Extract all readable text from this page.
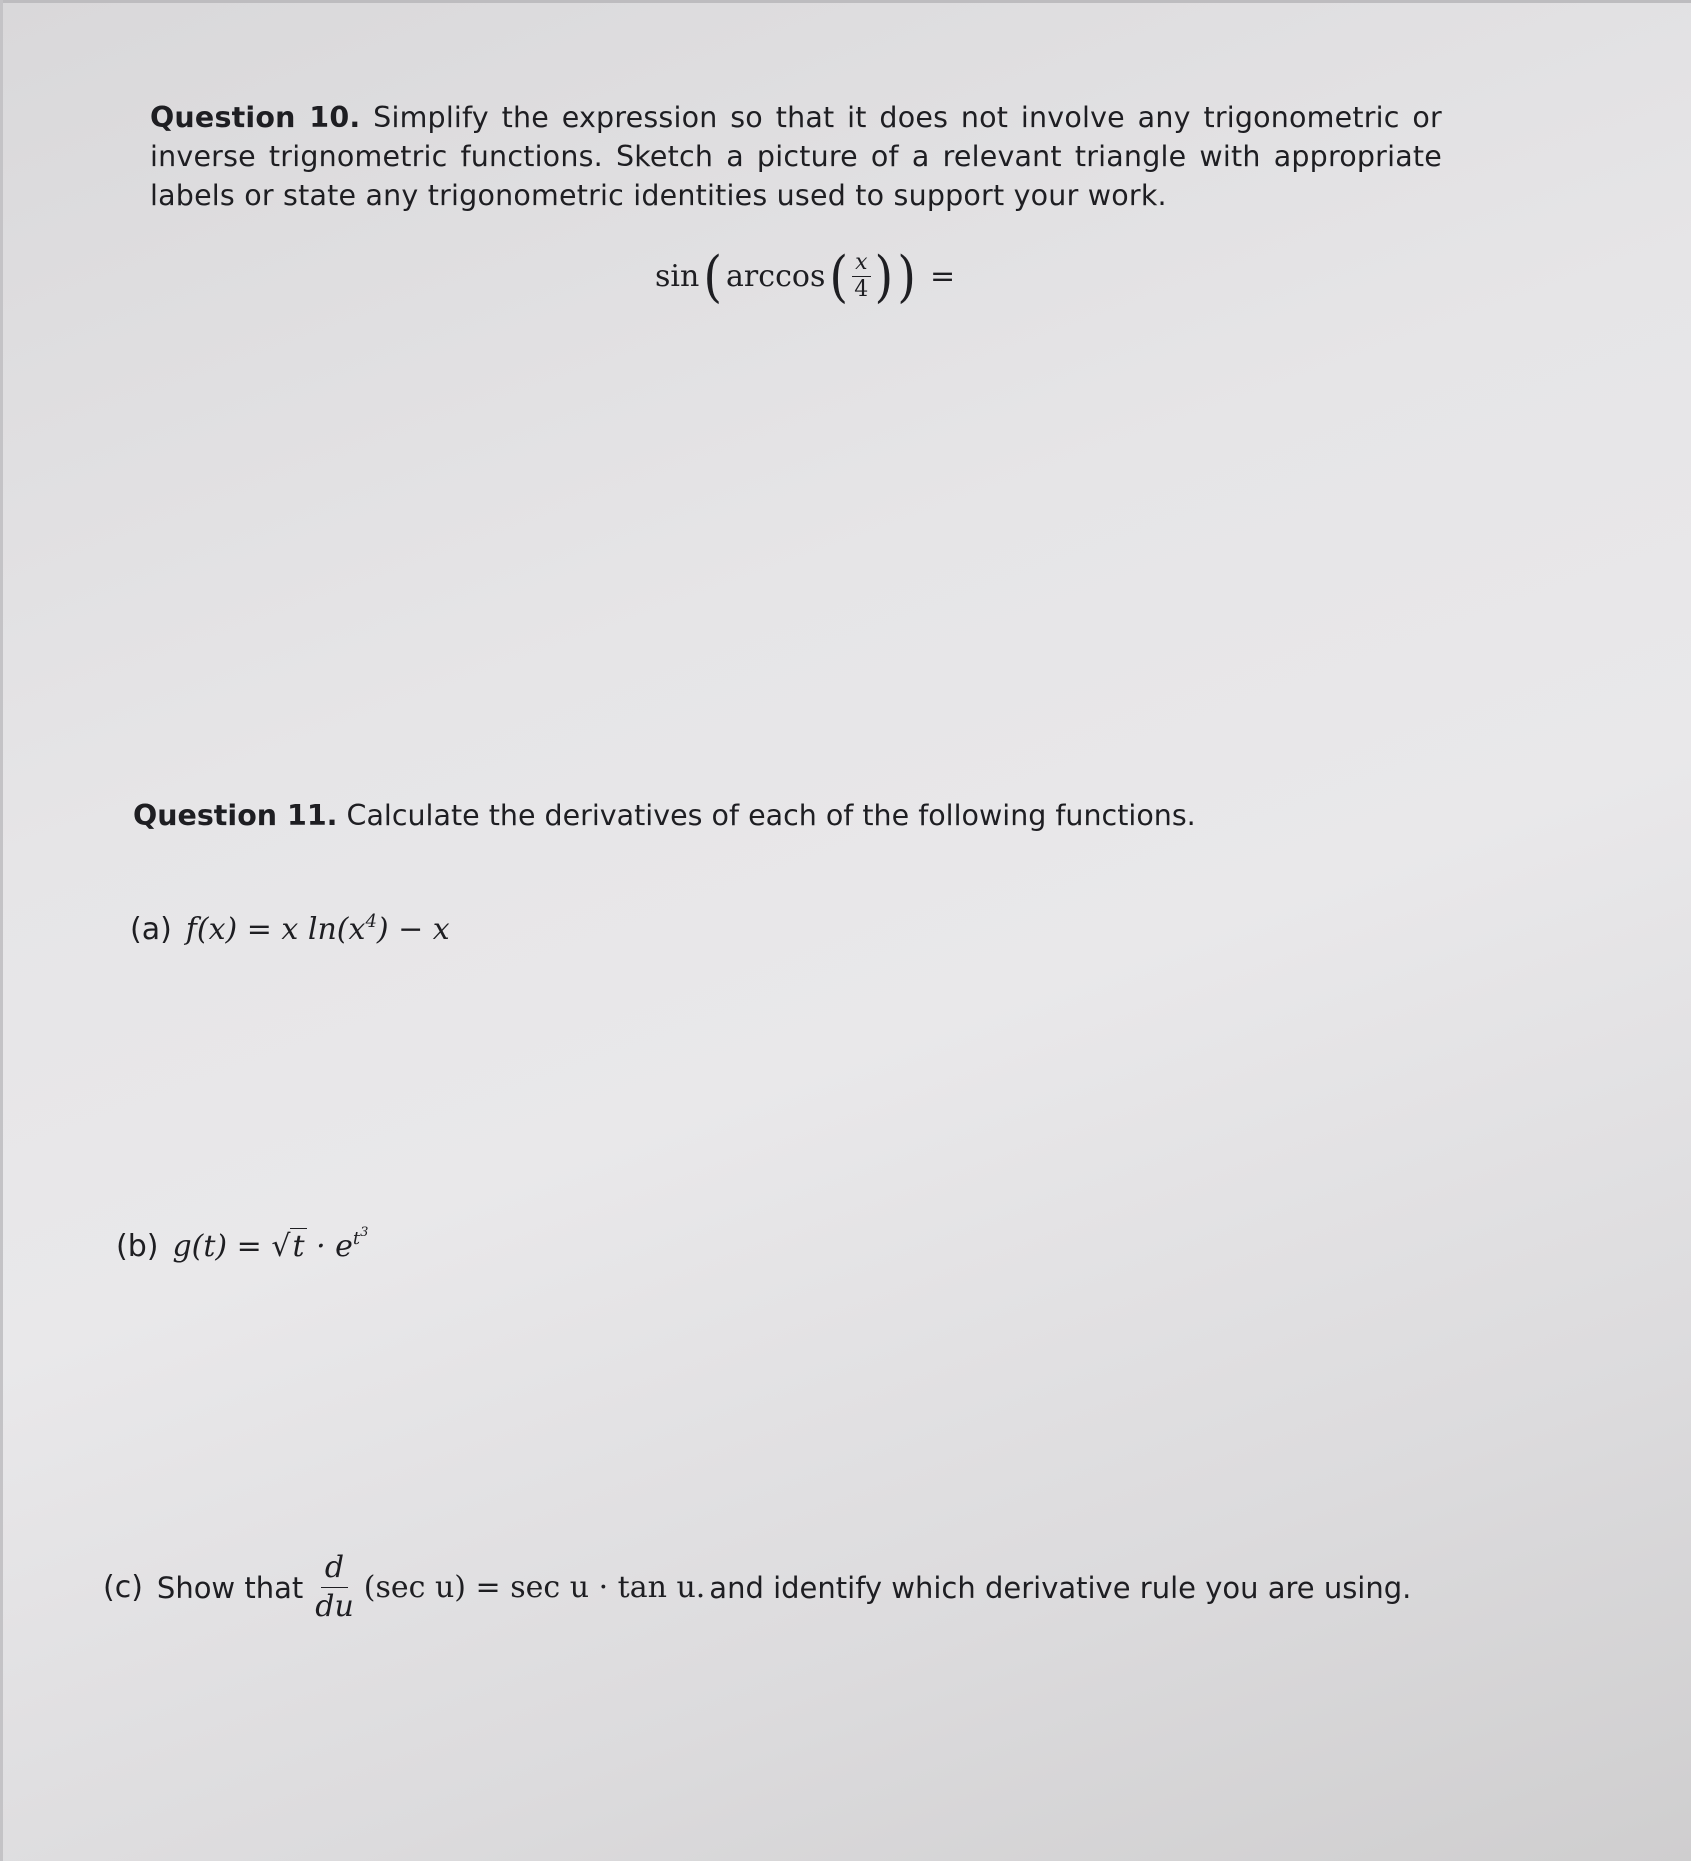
Question 10. Simplify the expression so that it does not involve any trigonometric or inverse trignometric functions. Sketch a picture of a relevant triangle with appropriate labels or state any trigonometric identities used to support your work.
sin ( arccos ( $\frac{x}{4}$ ) ) =
Question 11. Calculate the derivatives of each of the following functions.
(a) f(x) = x $\ln(x^4) - x$
(b) $g(t) = √t \cdot e^{t^3}$
(c) Show that $\frac{d}{du} (\sec$ u) = sec u · tan u. and identify which derivative rule you are using.
